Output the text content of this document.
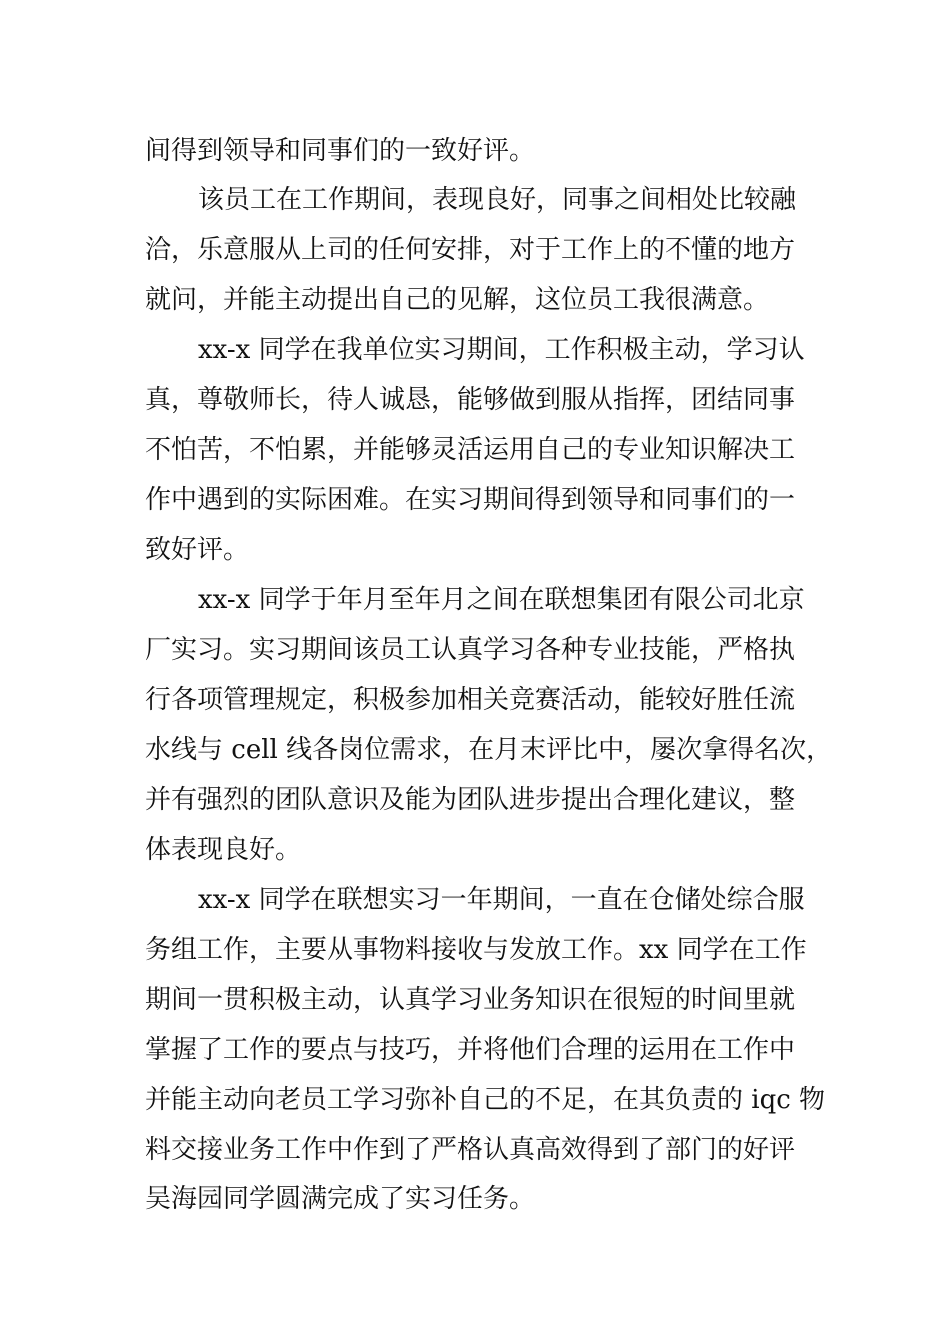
间得到领导和同事们的一致好评。
该员工在工作期间，表现良好，同事之间相处比较融
洽，乐意服从上司的任何安排，对于工作上的不懂的地方
就问，并能主动提出自己的见解，这位员工我很满意。
xx-x 同学在我单位实习期间，工作积极主动，学习认
真，尊敬师长，待人诚恳，能够做到服从指挥，团结同事
不怕苦，不怕累，并能够灵活运用自己的专业知识解决工
作中遇到的实际困难。在实习期间得到领导和同事们的一
致好评。
xx-x 同学于年月至年月之间在联想集团有限公司北京
厂实习。实习期间该员工认真学习各种专业技能，严格执
行各项管理规定，积极参加相关竞赛活动，能较好胜任流
水线与 cell 线各岗位需求，在月末评比中，屡次拿得名次，
并有强烈的团队意识及能为团队进步提出合理化建议，整
体表现良好。
xx-x 同学在联想实习一年期间，一直在仓储处综合服
务组工作，主要从事物料接收与发放工作。xx 同学在工作
期间一贯积极主动，认真学习业务知识在很短的时间里就
掌握了工作的要点与技巧，并将他们合理的运用在工作中
并能主动向老员工学习弥补自己的不足，在其负责的 iqc 物
料交接业务工作中作到了严格认真高效得到了部门的好评
吴海园同学圆满完成了实习任务。
